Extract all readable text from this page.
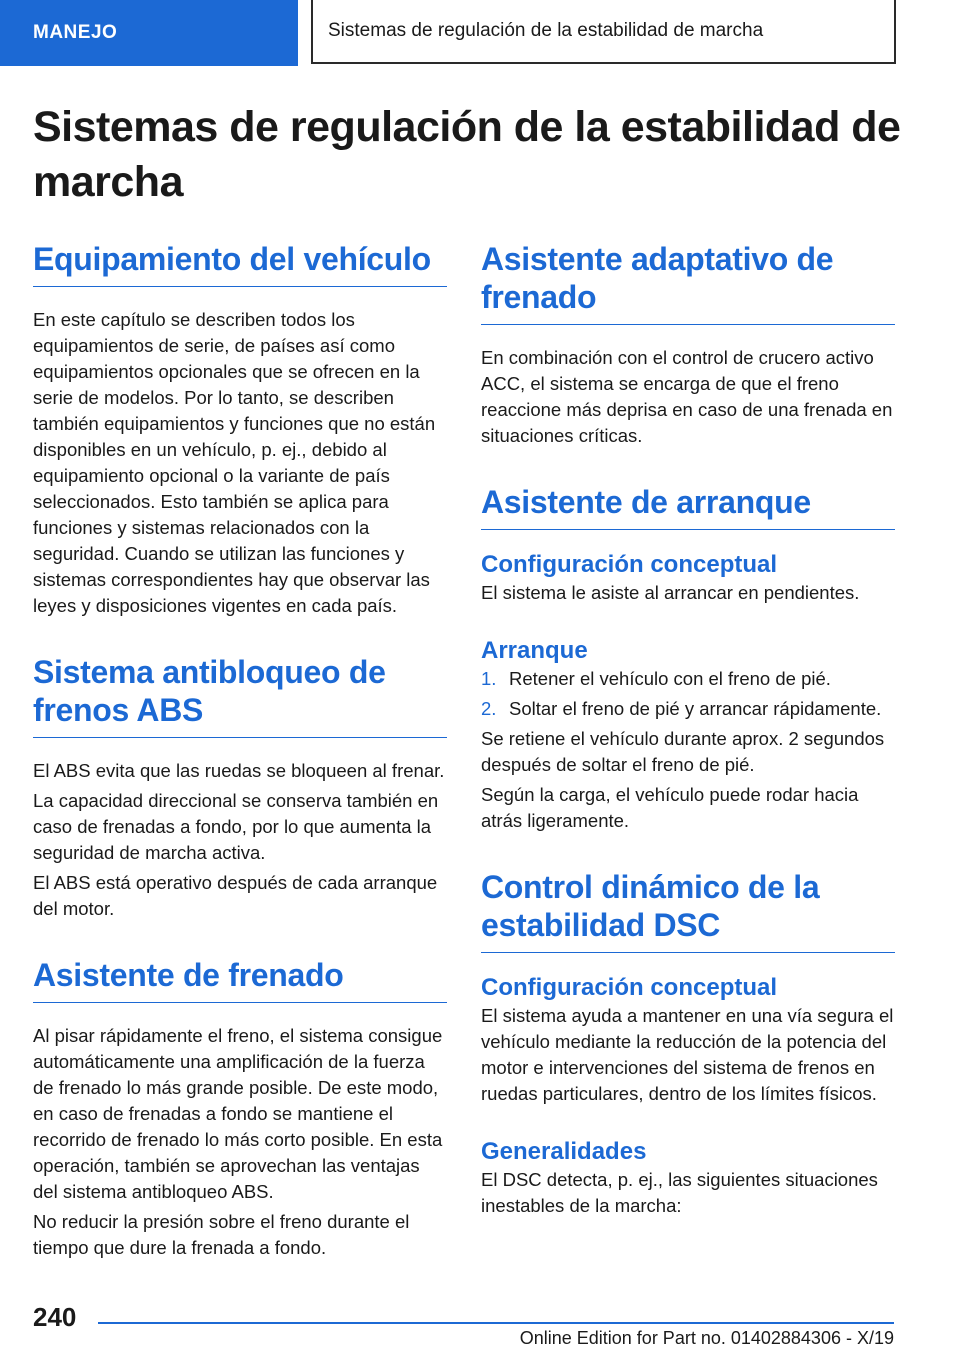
MANEJO	Sistemas de regulación de la estabilidad de marcha
Sistemas de regulación de la estabilidad de marcha
Equipamiento del vehículo

En este capítulo se describen todos los equipamientos de serie, de países así como equipamientos opcionales que se ofrecen en la serie de modelos. Por lo tanto, se describen también equipamientos y funciones que no están disponibles en un vehículo, p. ej., debido al equipamiento opcional o la variante de país seleccionados. Esto también se aplica para funciones y sistemas relacionados con la seguridad. Cuando se utilizan las funciones y sistemas correspondientes hay que observar las leyes y disposiciones vigentes en cada país.

Sistema antibloqueo de frenos ABS

El ABS evita que las ruedas se bloqueen al frenar.

La capacidad direccional se conserva también en caso de frenadas a fondo, por lo que aumenta la seguridad de marcha activa.

El ABS está operativo después de cada arranque del motor.

Asistente de frenado

Al pisar rápidamente el freno, el sistema consigue automáticamente una amplificación de la fuerza de frenado lo más grande posible. De este modo, en caso de frenadas a fondo se mantiene el recorrido de frenado lo más corto posible. En esta operación, también se aprovechan las ventajas del sistema antibloqueo ABS.

No reducir la presión sobre el freno durante el tiempo que dure la frenada a fondo.

Asistente adaptativo de frenado

En combinación con el control de crucero activo ACC, el sistema se encarga de que el freno reaccione más deprisa en caso de una frenada en situaciones críticas.

Asistente de arranque
Configuración conceptual

El sistema le asiste al arrancar en pendientes.

Arranque
1. Retener el vehículo con el freno de pié.
2. Soltar el freno de pié y arrancar rápidamente.

Se retiene el vehículo durante aprox. 2 segundos después de soltar el freno de pié.

Según la carga, el vehículo puede rodar hacia atrás ligeramente.

Control dinámico de la estabilidad DSC
Configuración conceptual

El sistema ayuda a mantener en una vía segura el vehículo mediante la reducción de la potencia del motor e intervenciones del sistema de frenos en ruedas particulares, dentro de los límites físicos.

Generalidades

El DSC detecta, p. ej., las siguientes situaciones inestables de la marcha:

240
Online Edition for Part no. 01402884306 - X/19
